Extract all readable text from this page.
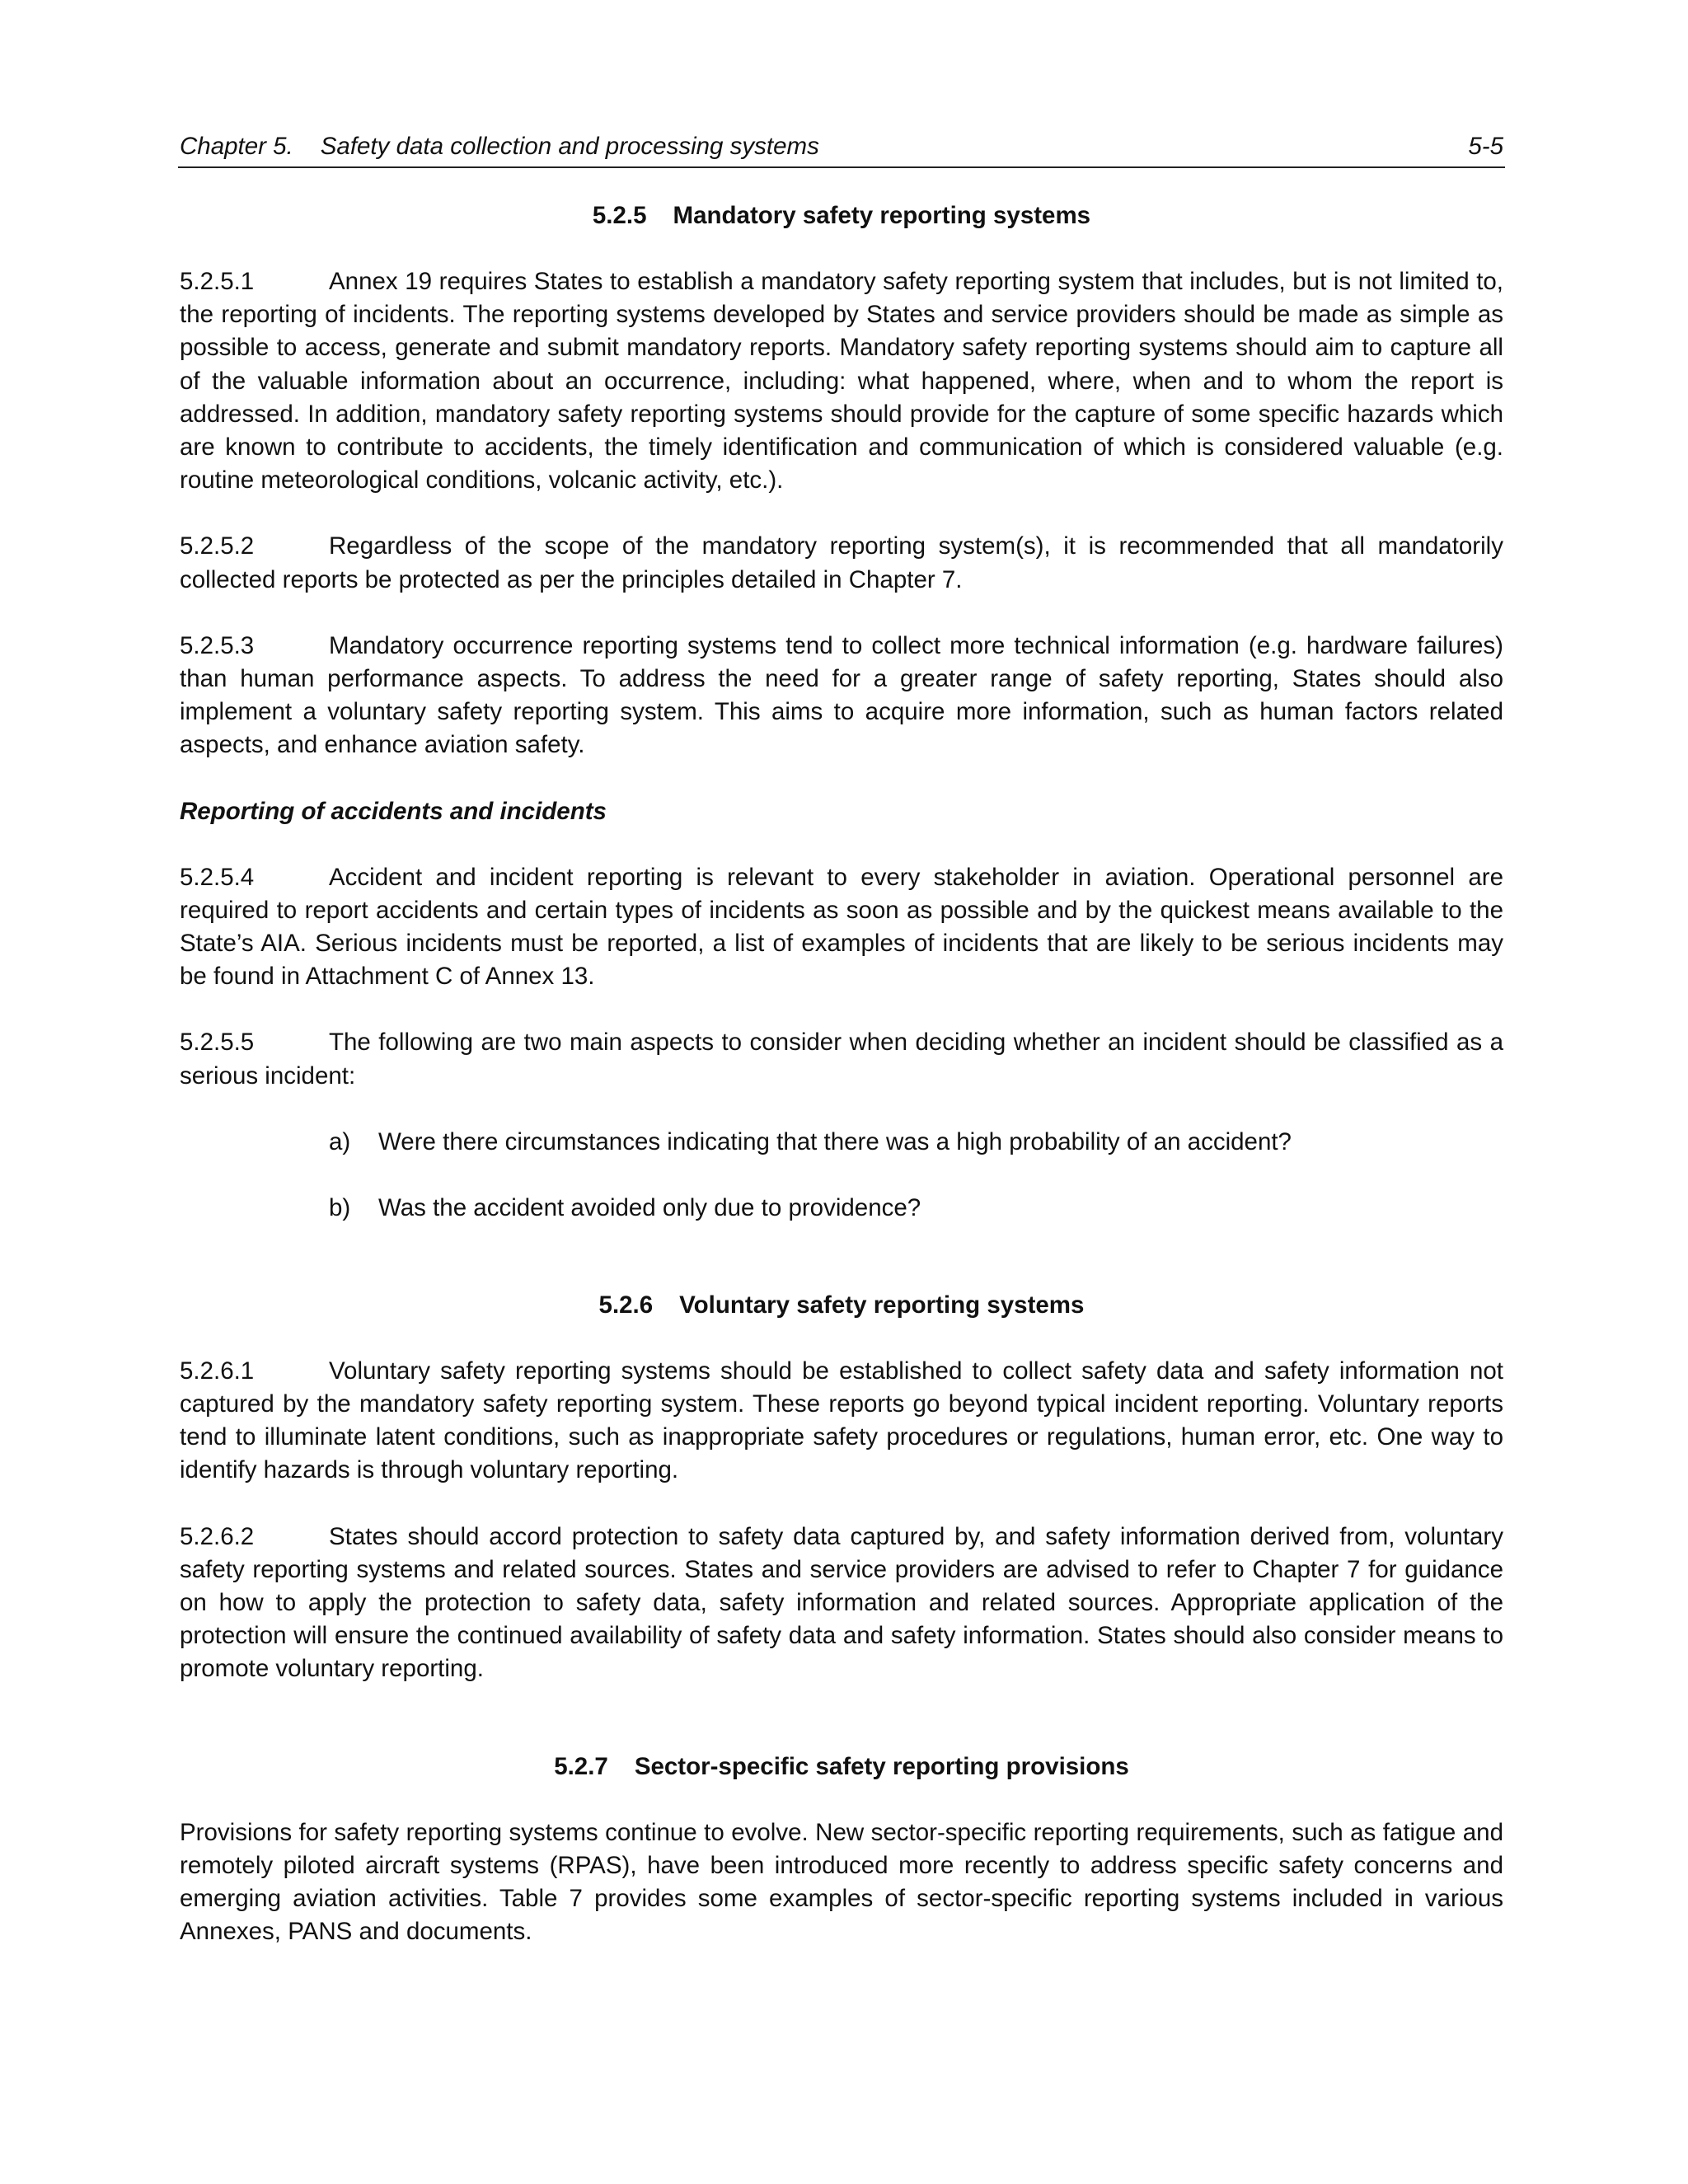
Chapter 5. Safety data collection and processing systems	5-5
5.2.5 Mandatory safety reporting systems

5.2.5.1	Annex 19 requires States to establish a mandatory safety reporting system that includes, but is not limited to, the reporting of incidents. The reporting systems developed by States and service providers should be made as simple as possible to access, generate and submit mandatory reports. Mandatory safety reporting systems should aim to capture all of the valuable information about an occurrence, including: what happened, where, when and to whom the report is addressed. In addition, mandatory safety reporting systems should provide for the capture of some specific hazards which are known to contribute to accidents, the timely identification and communication of which is considered valuable (e.g. routine meteorological conditions, volcanic activity, etc.).

5.2.5.2	Regardless of the scope of the mandatory reporting system(s), it is recommended that all mandatorily collected reports be protected as per the principles detailed in Chapter 7.

5.2.5.3	Mandatory occurrence reporting systems tend to collect more technical information (e.g. hardware failures) than human performance aspects. To address the need for a greater range of safety reporting, States should also implement a voluntary safety reporting system. This aims to acquire more information, such as human factors related aspects, and enhance aviation safety.

Reporting of accidents and incidents

5.2.5.4	Accident and incident reporting is relevant to every stakeholder in aviation. Operational personnel are required to report accidents and certain types of incidents as soon as possible and by the quickest means available to the State’s AIA. Serious incidents must be reported, a list of examples of incidents that are likely to be serious incidents may be found in Attachment C of Annex 13.

5.2.5.5	The following are two main aspects to consider when deciding whether an incident should be classified as a serious incident:

a)	Were there circumstances indicating that there was a high probability of an accident?
b)	Was the accident avoided only due to providence?
5.2.6 Voluntary safety reporting systems

5.2.6.1	Voluntary safety reporting systems should be established to collect safety data and safety information not captured by the mandatory safety reporting system. These reports go beyond typical incident reporting. Voluntary reports tend to illuminate latent conditions, such as inappropriate safety procedures or regulations, human error, etc. One way to identify hazards is through voluntary reporting.

5.2.6.2	States should accord protection to safety data captured by, and safety information derived from, voluntary safety reporting systems and related sources. States and service providers are advised to refer to Chapter 7 for guidance on how to apply the protection to safety data, safety information and related sources. Appropriate application of the protection will ensure the continued availability of safety data and safety information. States should also consider means to promote voluntary reporting.

5.2.7 Sector-specific safety reporting provisions

Provisions for safety reporting systems continue to evolve. New sector-specific reporting requirements, such as fatigue and remotely piloted aircraft systems (RPAS), have been introduced more recently to address specific safety concerns and emerging aviation activities. Table 7 provides some examples of sector-specific reporting systems included in various Annexes, PANS and documents.
